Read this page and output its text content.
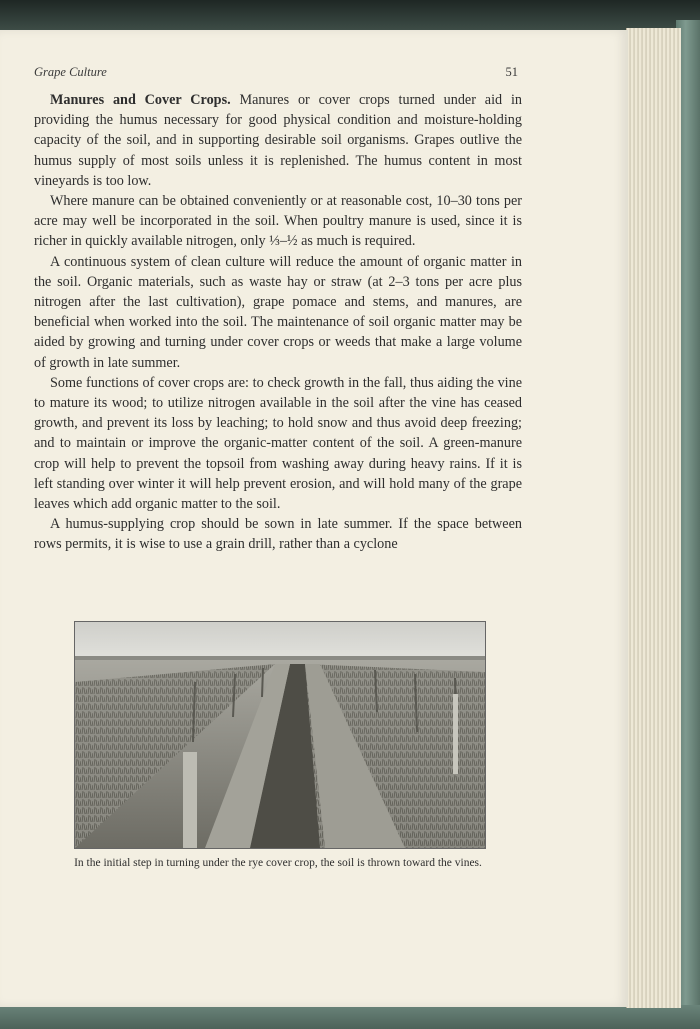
Grape Culture	51

Manures and Cover Crops. Manures or cover crops turned under aid in providing the humus necessary for good physical condition and moisture-holding capacity of the soil, and in supporting desirable soil organisms. Grapes outlive the humus supply of most soils unless it is replenished. The humus content in most vineyards is too low.

Where manure can be obtained conveniently or at reasonable cost, 10–30 tons per acre may well be incorporated in the soil. When poultry manure is used, since it is richer in quickly available nitrogen, only ⅓–½ as much is required.

A continuous system of clean culture will reduce the amount of organic matter in the soil. Organic materials, such as waste hay or straw (at 2–3 tons per acre plus nitrogen after the last cultivation), grape pomace and stems, and manures, are beneficial when worked into the soil. The maintenance of soil organic matter may be aided by growing and turning under cover crops or weeds that make a large volume of growth in late summer.

Some functions of cover crops are: to check growth in the fall, thus aiding the vine to mature its wood; to utilize nitrogen available in the soil after the vine has ceased growth, and prevent its loss by leaching; to hold snow and thus avoid deep freezing; and to maintain or improve the organic-matter content of the soil. A green-manure crop will help to prevent the topsoil from washing away during heavy rains. If it is left standing over winter it will help prevent erosion, and will hold many of the grape leaves which add organic matter to the soil.

A humus-supplying crop should be sown in late summer. If the space between rows permits, it is wise to use a grain drill, rather than a cyclone

In the initial step in turning under the rye cover crop, the soil is thrown toward the vines.
